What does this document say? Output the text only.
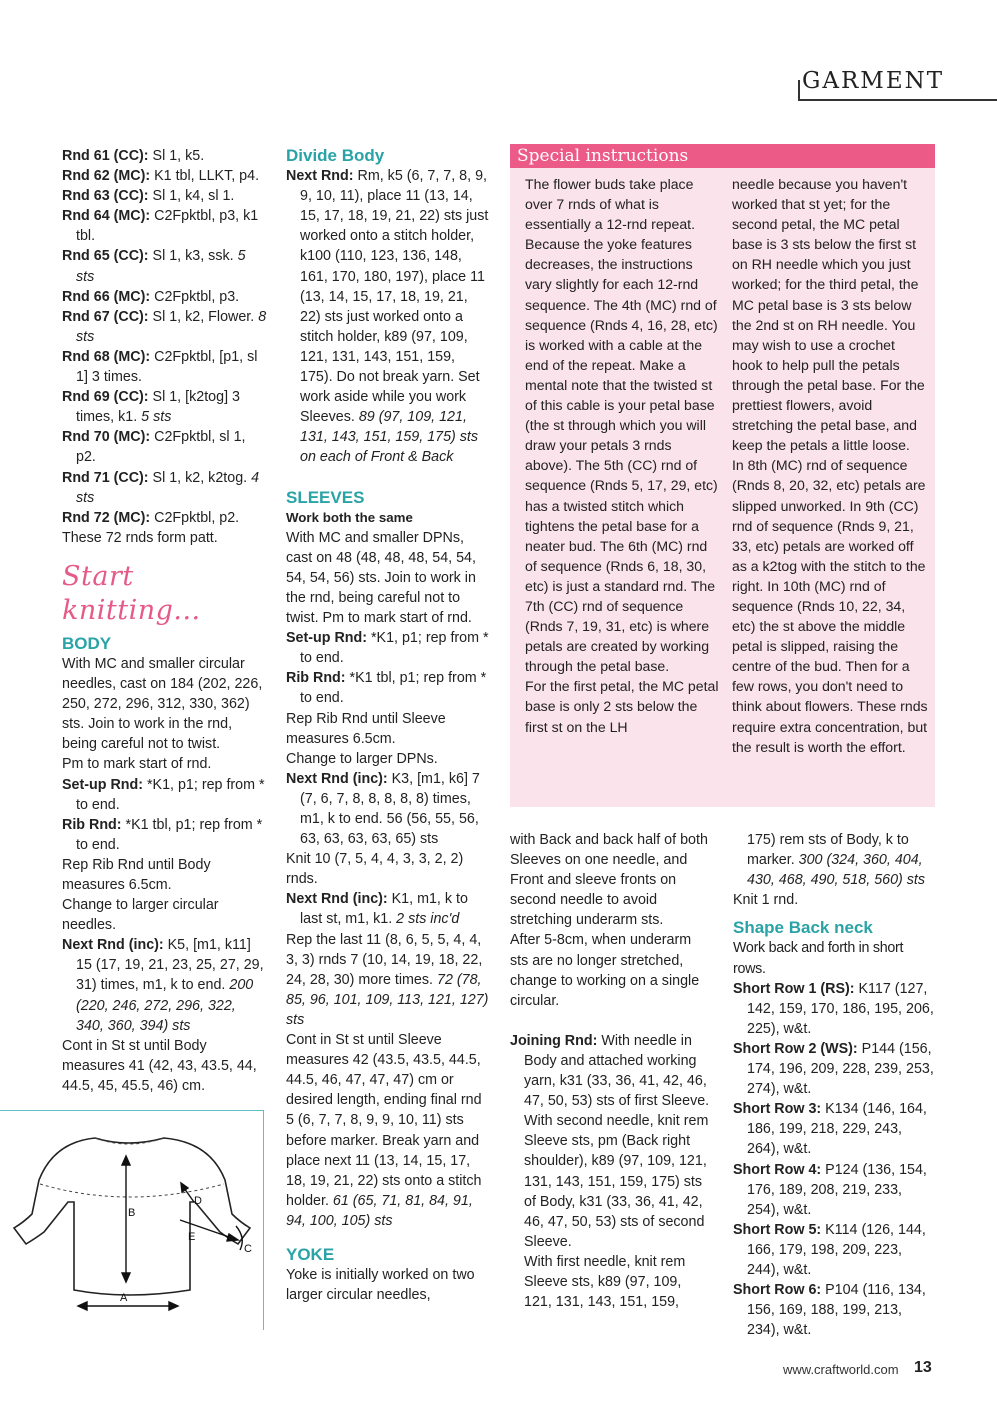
GARMENT

Rnd 61 (CC): Sl 1, k5.

Rnd 62 (MC): K1 tbl, LLKT, p4.

Rnd 63 (CC): Sl 1, k4, sl 1.

Rnd 64 (MC): C2Fpktbl, p3, k1 tbl.

Rnd 65 (CC): Sl 1, k3, ssk. 5 sts

Rnd 66 (MC): C2Fpktbl, p3.

Rnd 67 (CC): Sl 1, k2, Flower. 8 sts

Rnd 68 (MC): C2Fpktbl, [p1, sl 1] 3 times.

Rnd 69 (CC): Sl 1, [k2tog] 3 times, k1. 5 sts

Rnd 70 (MC): C2Fpktbl, sl 1, p2.

Rnd 71 (CC): Sl 1, k2, k2tog. 4 sts

Rnd 72 (MC): C2Fpktbl, p2.

These 72 rnds form patt.

Start knitting...

BODY

With MC and smaller circular needles, cast on 184 (202, 226, 250, 272, 296, 312, 330, 362) sts. Join to work in the rnd, being careful not to twist.

Pm to mark start of rnd.

Set-up Rnd: *K1, p1; rep from * to end.

Rib Rnd: *K1 tbl, p1; rep from * to end.

Rep Rib Rnd until Body measures 6.5cm.

Change to larger circular needles.

Next Rnd (inc): K5, [m1, k11] 15 (17, 19, 21, 23, 25, 27, 29, 31) times, m1, k to end. 200 (220, 246, 272, 296, 322, 340, 360, 394) sts

Cont in St st until Body measures 41 (42, 43, 43.5, 44, 44.5, 45, 45.5, 46) cm.

A
B
C
D
E

Divide Body

Next Rnd: Rm, k5 (6, 7, 7, 8, 9, 9, 10, 11), place 11 (13, 14, 15, 17, 18, 19, 21, 22) sts just worked onto a stitch holder, k100 (110, 123, 136, 148, 161, 170, 180, 197), place 11 (13, 14, 15, 17, 18, 19, 21, 22) sts just worked onto a stitch holder, k89 (97, 109, 121, 131, 143, 151, 159, 175). Do not break yarn. Set work aside while you work Sleeves. 89 (97, 109, 121, 131, 143, 151, 159, 175) sts on each of Front & Back

SLEEVES

Work both the same

With MC and smaller DPNs, cast on 48 (48, 48, 48, 54, 54, 54, 54, 56) sts. Join to work in the rnd, being careful not to twist. Pm to mark start of rnd.

Set-up Rnd: *K1, p1; rep from * to end.

Rib Rnd: *K1 tbl, p1; rep from * to end.

Rep Rib Rnd until Sleeve measures 6.5cm.

Change to larger DPNs.

Next Rnd (inc): K3, [m1, k6] 7 (7, 6, 7, 8, 8, 8, 8, 8) times, m1, k to end. 56 (56, 55, 56, 63, 63, 63, 63, 65) sts

Knit 10 (7, 5, 4, 4, 3, 3, 2, 2) rnds.

Next Rnd (inc): K1, m1, k to last st, m1, k1. 2 sts inc'd

Rep the last 11 (8, 6, 5, 5, 4, 4, 3, 3) rnds 7 (10, 14, 19, 18, 22, 24, 28, 30) more times. 72 (78, 85, 96, 101, 109, 113, 121, 127) sts

Cont in St st until Sleeve measures 42 (43.5, 43.5, 44.5, 44.5, 46, 47, 47, 47) cm or desired length, ending final rnd 5 (6, 7, 7, 8, 9, 9, 10, 11) sts before marker. Break yarn and place next 11 (13, 14, 15, 17, 18, 19, 21, 22) sts onto a stitch holder. 61 (65, 71, 81, 84, 91, 94, 100, 105) sts

YOKE

Yoke is initially worked on two larger circular needles,

Special instructions

The flower buds take place over 7 rnds of what is essentially a 12-rnd repeat. Because the yoke features decreases, the instructions vary slightly for each 12-rnd sequence. The 4th (MC) rnd of sequence (Rnds 4, 16, 28, etc) is worked with a cable at the end of the repeat. Make a mental note that the twisted st of this cable is your petal base (the st through which you will draw your petals 3 rnds above). The 5th (CC) rnd of sequence (Rnds 5, 17, 29, etc) has a twisted stitch which tightens the petal base for a neater bud. The 6th (MC) rnd of sequence (Rnds 6, 18, 30, etc) is just a standard rnd. The 7th (CC) rnd of sequence (Rnds 7, 19, 31, etc) is where petals are created by working through the petal base.

For the first petal, the MC petal base is only 2 sts below the first st on the LH

needle because you haven't worked that st yet; for the second petal, the MC petal base is 3 sts below the first st on RH needle which you just worked; for the third petal, the MC petal base is 3 sts below the 2nd st on RH needle. You may wish to use a crochet hook to help pull the petals through the petal base. For the prettiest flowers, avoid stretching the petal base, and keep the petals a little loose.

In 8th (MC) rnd of sequence (Rnds 8, 20, 32, etc) petals are slipped unworked. In 9th (CC) rnd of sequence (Rnds 9, 21, 33, etc) petals are worked off as a k2tog with the stitch to the right. In 10th (MC) rnd of sequence (Rnds 10, 22, 34, etc) the st above the middle petal is slipped, raising the centre of the bud. Then for a few rows, you don't need to think about flowers. These rnds require extra concentration, but the result is worth the effort.

with Back and back half of both Sleeves on one needle, and Front and sleeve fronts on second needle to avoid stretching underarm sts.

After 5-8cm, when underarm sts are no longer stretched, change to working on a single circular.

Joining Rnd: With needle in Body and attached working yarn, k31 (33, 36, 41, 42, 46, 47, 50, 53) sts of first Sleeve. With second needle, knit rem Sleeve sts, pm (Back right shoulder), k89 (97, 109, 121, 131, 143, 151, 159, 175) sts of Body, k31 (33, 36, 41, 42, 46, 47, 50, 53) sts of second Sleeve.

With first needle, knit rem Sleeve sts, k89 (97, 109, 121, 131, 143, 151, 159,

175) rem sts of Body, k to marker. 300 (324, 360, 404, 430, 468, 490, 518, 560) sts

Knit 1 rnd.

Shape Back neck

Work back and forth in short rows.

Short Row 1 (RS): K117 (127, 142, 159, 170, 186, 195, 206, 225), w&t.

Short Row 2 (WS): P144 (156, 174, 196, 209, 228, 239, 253, 274), w&t.

Short Row 3: K134 (146, 164, 186, 199, 218, 229, 243, 264), w&t.

Short Row 4: P124 (136, 154, 176, 189, 208, 219, 233, 254), w&t.

Short Row 5: K114 (126, 144, 166, 179, 198, 209, 223, 244), w&t.

Short Row 6: P104 (116, 134, 156, 169, 188, 199, 213, 234), w&t.

www.craftworld.com 13
